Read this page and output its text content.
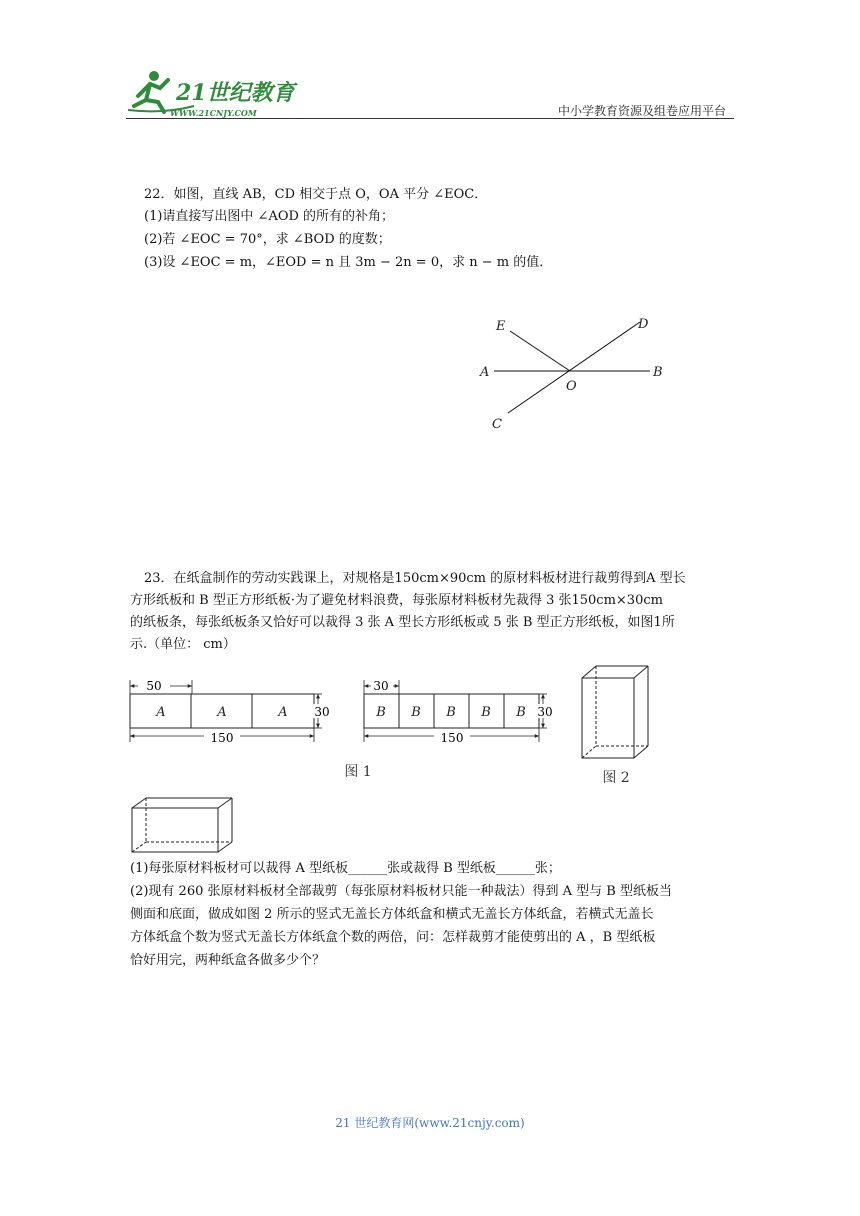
21世纪教育
WWW.21CNJY.COM	中小学教育资源及组卷应用平台
22．如图，直线 AB，CD 相交于点 O，OA 平分 ∠EOC．
(1)请直接写出图中 ∠AOD 的所有的补角；
(2)若 ∠EOC = 70°，求 ∠BOD 的度数；
(3)设 ∠EOC = m，∠EOD = n 且 3m − 2n = 0，求 n − m 的值．
E	D
A
O
B
C
23．在纸盒制作的劳动实践课上，对规格是150cm×90cm 的原材料板材进行裁剪得到A 型长
方形纸板和 B 型正方形纸板·为了避免材料浪费，每张原材料板材先裁得 3 张150cm×30cm
的纸板条，每张纸板条又恰好可以裁得 3 张 A 型长方形纸板或 5 张 B 型正方形纸板，如图1所
示.（单位： cm）
50
A	A	A 30
150
30
B B B B B 30
150
图 1	图 2
(1)每张原材料板材可以裁得 A 型纸板______张或裁得 B 型纸板______张；
(2)现有 260 张原材料板材全部裁剪（每张原材料板材只能一种裁法）得到 A 型与 B 型纸板当
侧面和底面，做成如图 2 所示的竖式无盖长方体纸盒和横式无盖长方体纸盒，若横式无盖长
方体纸盒个数为竖式无盖长方体纸盒个数的两倍，问：怎样裁剪才能使剪出的 A ，B 型纸板
恰好用完，两种纸盒各做多少个？
21 世纪教育网(www.21cnjy.com)
